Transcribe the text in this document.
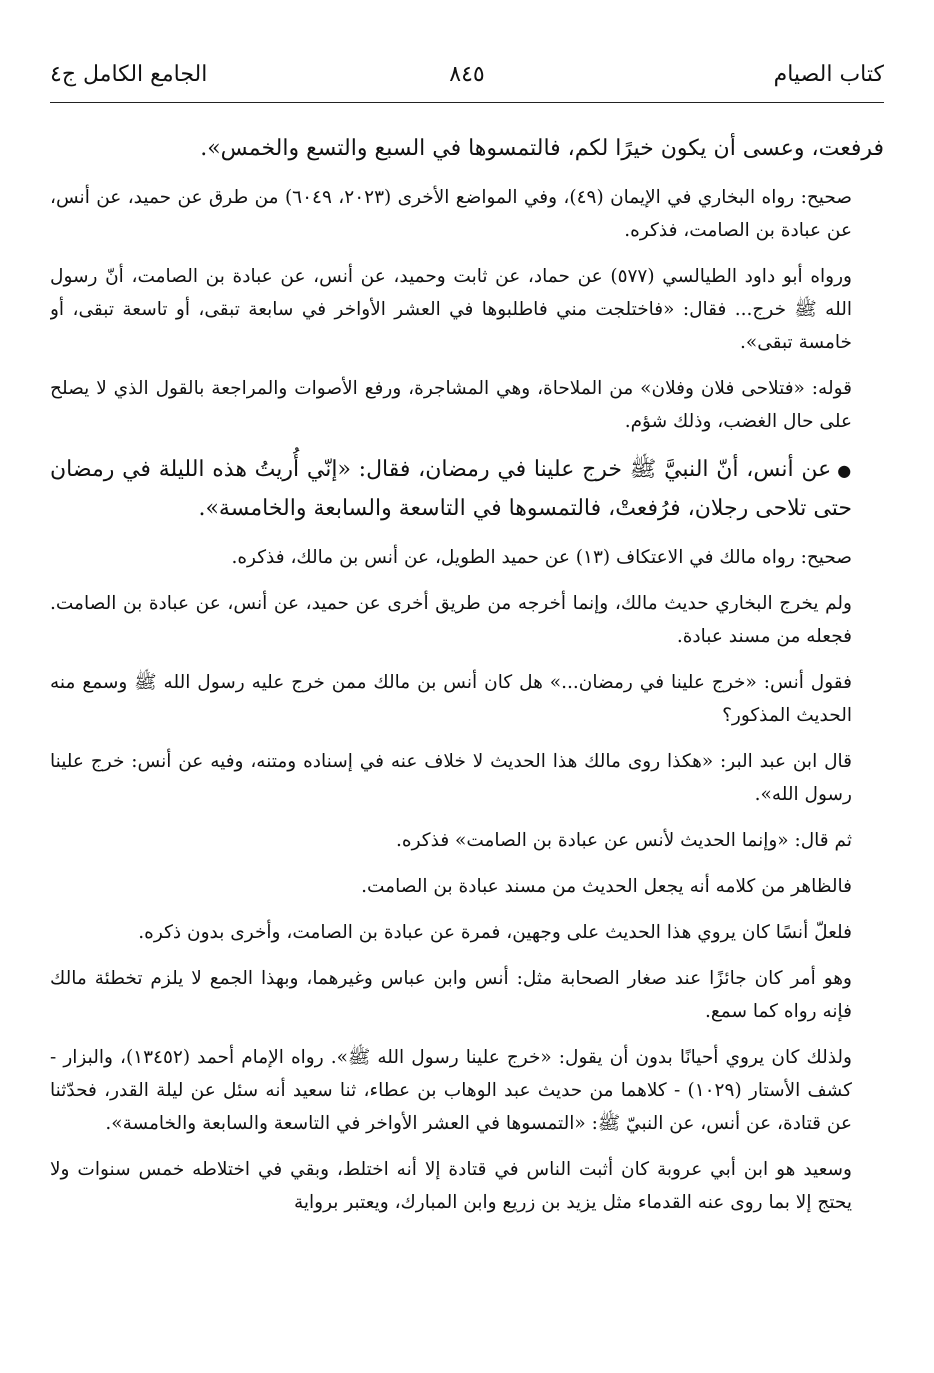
كتاب الصيام
٨٤٥
الجامع الكامل ج٤

فرفعت، وعسى أن يكون خيرًا لكم، فالتمسوها في السبع والتسع والخمس».

صحيح: رواه البخاري في الإيمان (٤٩)، وفي المواضع الأخرى (٢٠٢٣، ٦٠٤٩) من طرق عن حميد، عن أنس، عن عبادة بن الصامت، فذكره.

ورواه أبو داود الطيالسي (٥٧٧) عن حماد، عن ثابت وحميد، عن أنس، عن عبادة بن الصامت، أنّ رسول الله ﷺ خرج... فقال: «فاختلجت مني فاطلبوها في العشر الأواخر في سابعة تبقى، أو تاسعة تبقى، أو خامسة تبقى».

قوله: «فتلاحى فلان وفلان» من الملاحاة، وهي المشاجرة، ورفع الأصوات والمراجعة بالقول الذي لا يصلح على حال الغضب، وذلك شؤم.

●عن أنس، أنّ النبيَّ ﷺ خرج علينا في رمضان، فقال: «إنّي أُريتُ هذه الليلة في رمضان حتى تلاحى رجلان، فرُفعتْ، فالتمسوها في التاسعة والسابعة والخامسة».

صحيح: رواه مالك في الاعتكاف (١٣) عن حميد الطويل، عن أنس بن مالك، فذكره.

ولم يخرج البخاري حديث مالك، وإنما أخرجه من طريق أخرى عن حميد، عن أنس، عن عبادة بن الصامت. فجعله من مسند عبادة.

فقول أنس: «خرج علينا في رمضان...» هل كان أنس بن مالك ممن خرج عليه رسول الله ﷺ وسمع منه الحديث المذكور؟

قال ابن عبد البر: «هكذا روى مالك هذا الحديث لا خلاف عنه في إسناده ومتنه، وفيه عن أنس: خرج علينا رسول الله».

ثم قال: «وإنما الحديث لأنس عن عبادة بن الصامت» فذكره.

فالظاهر من كلامه أنه يجعل الحديث من مسند عبادة بن الصامت.

فلعلّ أنسًا كان يروي هذا الحديث على وجهين، فمرة عن عبادة بن الصامت، وأخرى بدون ذكره.

وهو أمر كان جائزًا عند صغار الصحابة مثل: أنس وابن عباس وغيرهما، وبهذا الجمع لا يلزم تخطئة مالك فإنه رواه كما سمع.

ولذلك كان يروي أحيانًا بدون أن يقول: «خرج علينا رسول الله ﷺ». رواه الإمام أحمد (١٣٤٥٢)، والبزار - كشف الأستار (١٠٢٩) - كلاهما من حديث عبد الوهاب بن عطاء، ثنا سعيد أنه سئل عن ليلة القدر، فحدّثنا عن قتادة، عن أنس، عن النبيّ ﷺ: «التمسوها في العشر الأواخر في التاسعة والسابعة والخامسة».

وسعيد هو ابن أبي عروبة كان أثبت الناس في قتادة إلا أنه اختلط، وبقي في اختلاطه خمس سنوات ولا يحتج إلا بما روى عنه القدماء مثل يزيد بن زريع وابن المبارك، ويعتبر برواية
